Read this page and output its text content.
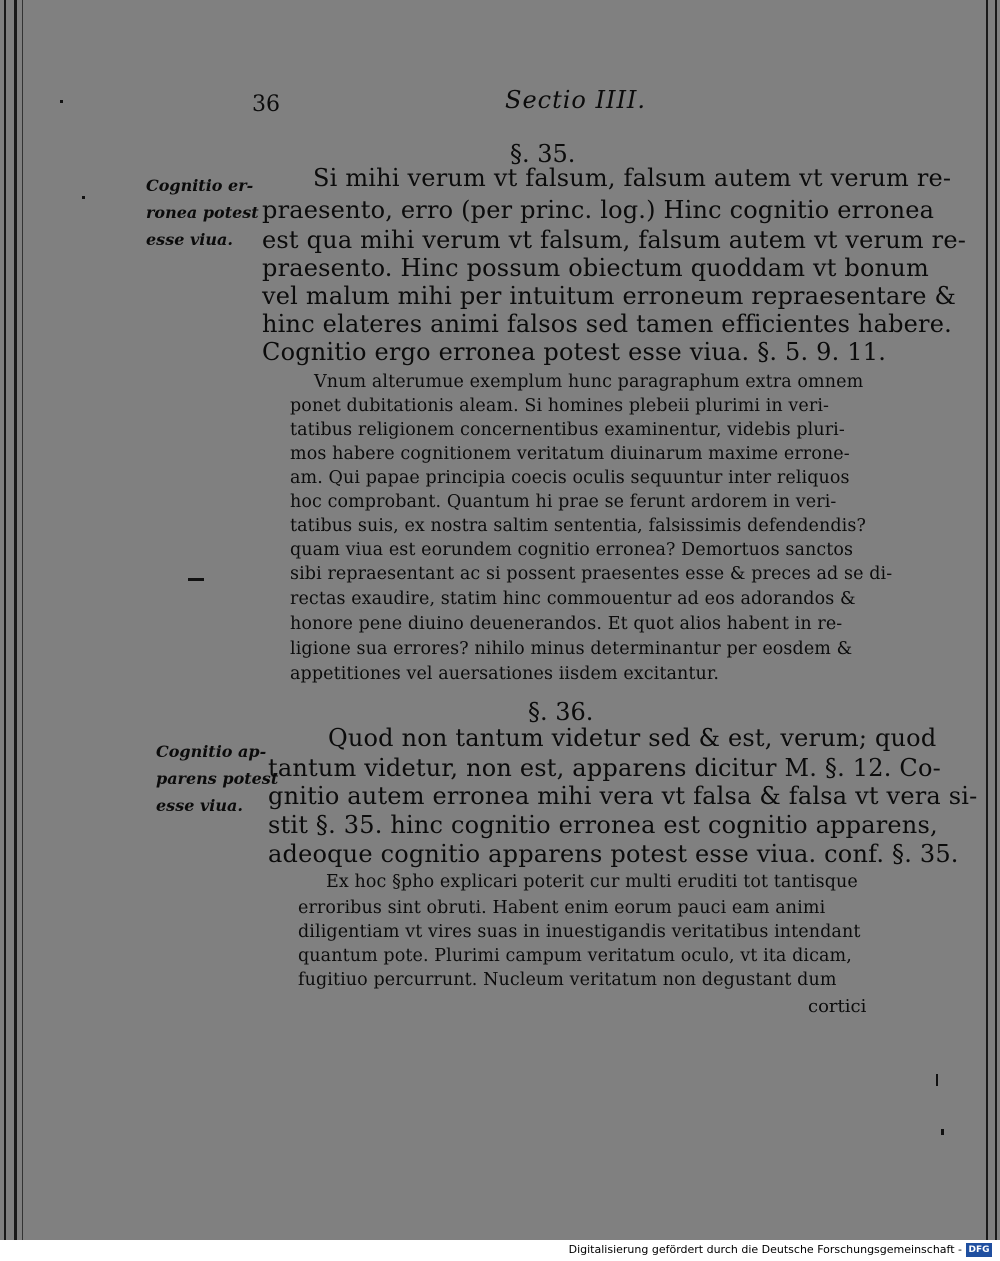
36	Sectio IIII.
§. 35.
Cognitio er-
ronea potest
esse viua.
Si mihi verum vt falsum, falsum autem vt verum re-
praesento, erro (per princ. log.) Hinc cognitio erronea
est qua mihi verum vt falsum, falsum autem vt verum re-
praesento. Hinc possum obiectum quoddam vt bonum
vel malum mihi per intuitum erroneum repraesentare &
hinc elateres animi falsos sed tamen efficientes habere.
Cognitio ergo erronea potest esse viua. §. 5. 9. 11.
Vnum alterumue exemplum hunc paragraphum extra omnem
ponet dubitationis aleam. Si homines plebeii plurimi in veri-
tatibus religionem concernentibus examinentur, videbis pluri-
mos habere cognitionem veritatum diuinarum maxime errone-
am. Qui papae principia coecis oculis sequuntur inter reliquos
hoc comprobant. Quantum hi prae se ferunt ardorem in veri-
tatibus suis, ex nostra saltim sententia, falsissimis defendendis?
quam viua est eorundem cognitio erronea? Demortuos sanctos
sibi repraesentant ac si possent praesentes esse & preces ad se di-
rectas exaudire, statim hinc commouentur ad eos adorandos &
honore pene diuino deuenerandos. Et quot alios habent in re-
ligione sua errores? nihilo minus determinantur per eosdem &
appetitiones vel auersationes iisdem excitantur.
§. 36.
Cognitio ap-
parens potest
esse viua.
Quod non tantum videtur sed & est, verum; quod
tantum videtur, non est, apparens dicitur M. §. 12. Co-
gnitio autem erronea mihi vera vt falsa & falsa vt vera si-
stit §. 35. hinc cognitio erronea est cognitio apparens,
adeoque cognitio apparens potest esse viua. conf. §. 35.
Ex hoc §pho explicari poterit cur multi eruditi tot tantisque
erroribus sint obruti. Habent enim eorum pauci eam animi
diligentiam vt vires suas in inuestigandis veritatibus intendant
quantum pote. Plurimi campum veritatum oculo, vt ita dicam,
fugitiuo percurrunt. Nucleum veritatum non degustant dum
cortici
Digitalisierung gefördert durch die Deutsche Forschungsgemeinschaft - DFG
